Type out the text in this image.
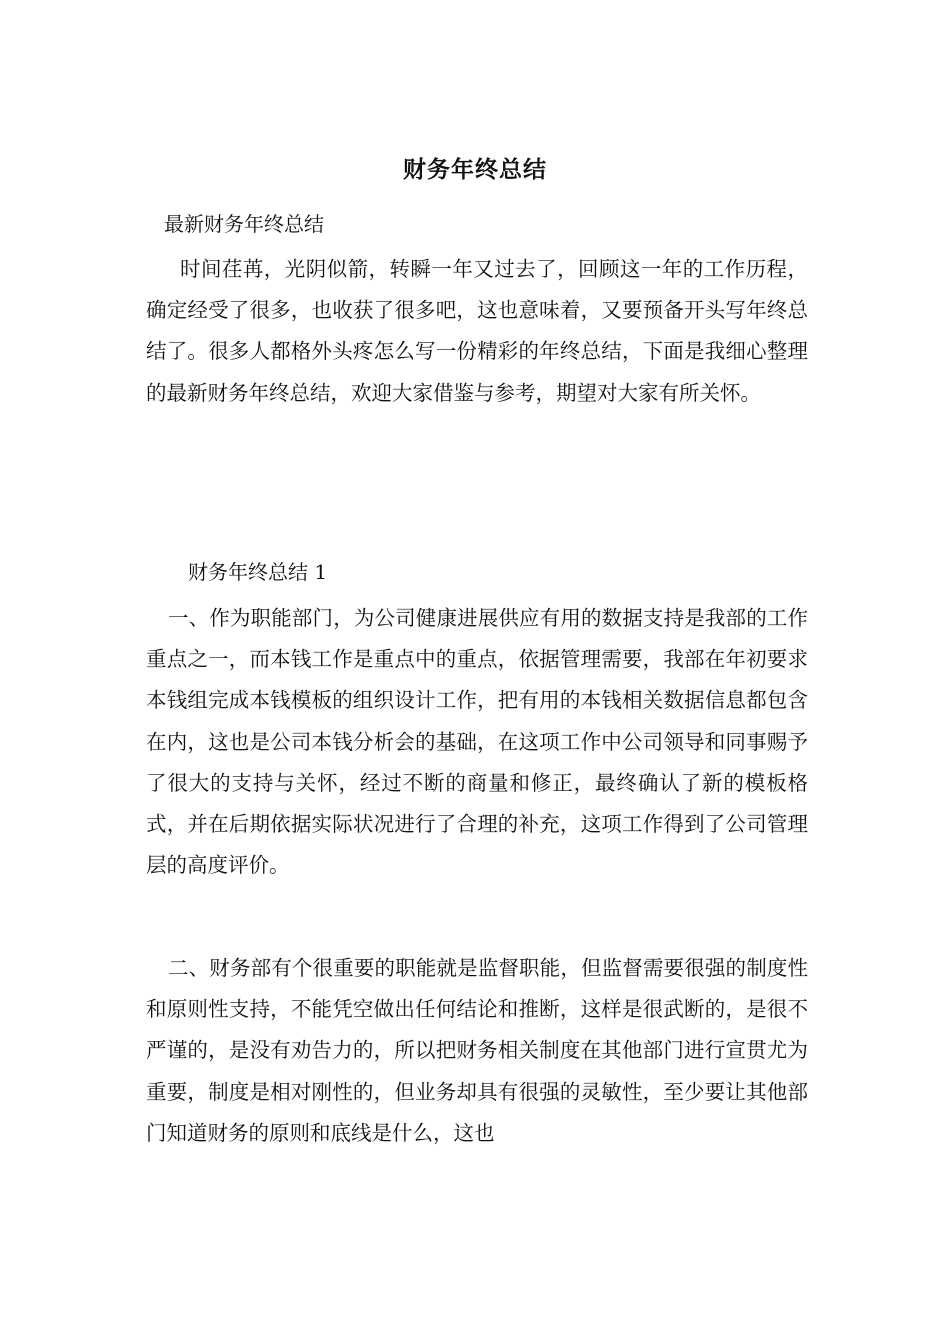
财务年终总结
最新财务年终总结

时间荏苒，光阴似箭，转瞬一年又过去了，回顾这一年的工作历程，确定经受了很多，也收获了很多吧，这也意味着，又要预备开头写年终总结了。很多人都格外头疼怎么写一份精彩的年终总结，下面是我细心整理的最新财务年终总结，欢迎大家借鉴与参考，期望对大家有所关怀。

财务年终总结 1

一、作为职能部门，为公司健康进展供应有用的数据支持是我部的工作重点之一，而本钱工作是重点中的重点，依据管理需要，我部在年初要求本钱组完成本钱模板的组织设计工作，把有用的本钱相关数据信息都包含在内，这也是公司本钱分析会的基础，在这项工作中公司领导和同事赐予了很大的支持与关怀，经过不断的商量和修正，最终确认了新的模板格式，并在后期依据实际状况进行了合理的补充，这项工作得到了公司管理层的高度评价。

二、财务部有个很重要的职能就是监督职能，但监督需要很强的制度性和原则性支持，不能凭空做出任何结论和推断，这样是很武断的，是很不严谨的，是没有劝告力的，所以把财务相关制度在其他部门进行宣贯尤为重要，制度是相对刚性的，但业务却具有很强的灵敏性，至少要让其他部门知道财务的原则和底线是什么，这也
